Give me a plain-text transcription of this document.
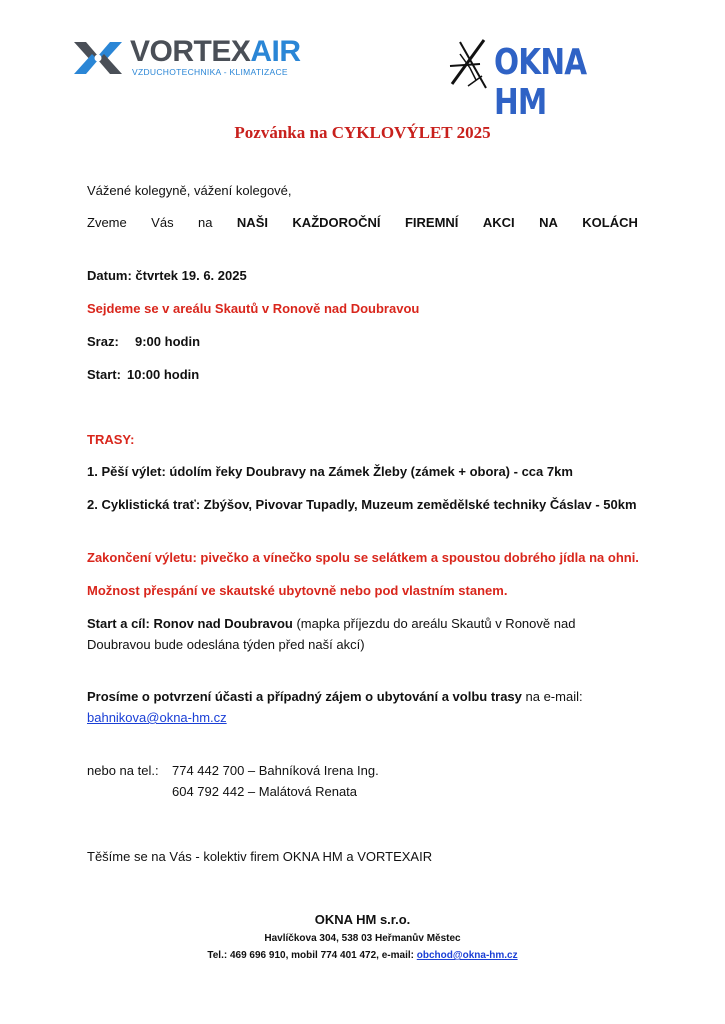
VORTEXAIR
VZDUCHOTECHNIKA - KLIMATIZACE	OKNA HM
Pozvánka na CYKLOVÝLET 2025
Vážené kolegyně, vážení kolegové,
Zveme Vás na NAŠI KAŽDOROČNÍ FIREMNÍ AKCI NA KOLÁCH
Datum: čtvrtek 19. 6. 2025
Sejdeme se v areálu Skautů v Ronově nad Doubravou
Sraz: 9:00 hodin
Start: 10:00 hodin
TRASY:
1. Pěší výlet: údolím řeky Doubravy na Zámek Žleby (zámek + obora) - cca 7km
2. Cyklistická trať: Zbýšov, Pivovar Tupadly, Muzeum zemědělské techniky Čáslav - 50km
Zakončení výletu: pivečko a vínečko spolu se selátkem a spoustou dobrého jídla na ohni.
Možnost přespání ve skautské ubytovně nebo pod vlastním stanem.
Start a cíl: Ronov nad Doubravou (mapka příjezdu do areálu Skautů v Ronově nad
Doubravou bude odeslána týden před naší akcí)
Prosíme o potvrzení účasti a případný zájem o ubytování a volbu trasy na e-mail:
bahnikova@okna-hm.cz
nebo na tel.: 774 442 700 – Bahníková Irena Ing.
604 792 442 – Malátová Renata
Těšíme se na Vás - kolektiv firem OKNA HM a VORTEXAIR
OKNA HM s.r.o.
Havlíčkova 304, 538 03 Heřmanův Městec
Tel.: 469 696 910, mobil 774 401 472, e-mail: obchod@okna-hm.cz
